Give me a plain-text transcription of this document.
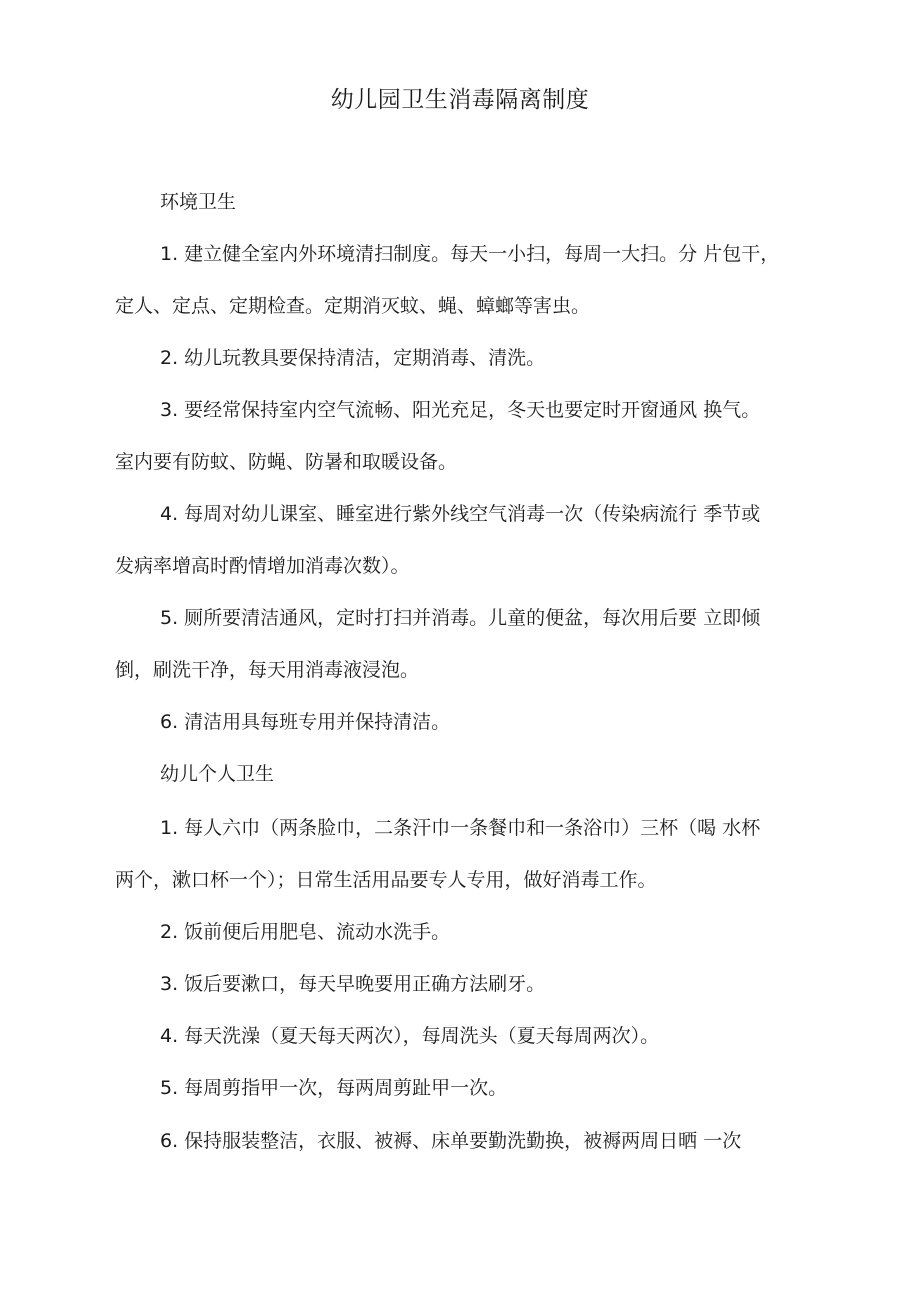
幼儿园卫生消毒隔离制度
环境卫生
1. 建立健全室内外环境清扫制度。每天一小扫，每周一大扫。分 片包干，
定人、定点、定期检查。定期消灭蚊、蝇、蟑螂等害虫。
2. 幼儿玩教具要保持清洁，定期消毒、清洗。
3. 要经常保持室内空气流畅、阳光充足，冬天也要定时开窗通风 换气。
室内要有防蚊、防蝇、防暑和取暖设备。
4. 每周对幼儿课室、睡室进行紫外线空气消毒一次（传染病流行 季节或
发病率增高时酌情增加消毒次数）。
5. 厕所要清洁通风，定时打扫并消毒。儿童的便盆，每次用后要 立即倾
倒，刷洗干净，每天用消毒液浸泡。
6. 清洁用具每班专用并保持清洁。
幼儿个人卫生
1. 每人六巾（两条脸巾，二条汗巾一条餐巾和一条浴巾）三杯（喝 水杯
两个，漱口杯一个）；日常生活用品要专人专用，做好消毒工作。
2. 饭前便后用肥皂、流动水洗手。
3. 饭后要漱口，每天早晚要用正确方法刷牙。
4. 每天洗澡（夏天每天两次），每周洗头（夏天每周两次）。
5. 每周剪指甲一次，每两周剪趾甲一次。
6. 保持服装整洁，衣服、被褥、床单要勤洗勤换，被褥两周日晒 一次
